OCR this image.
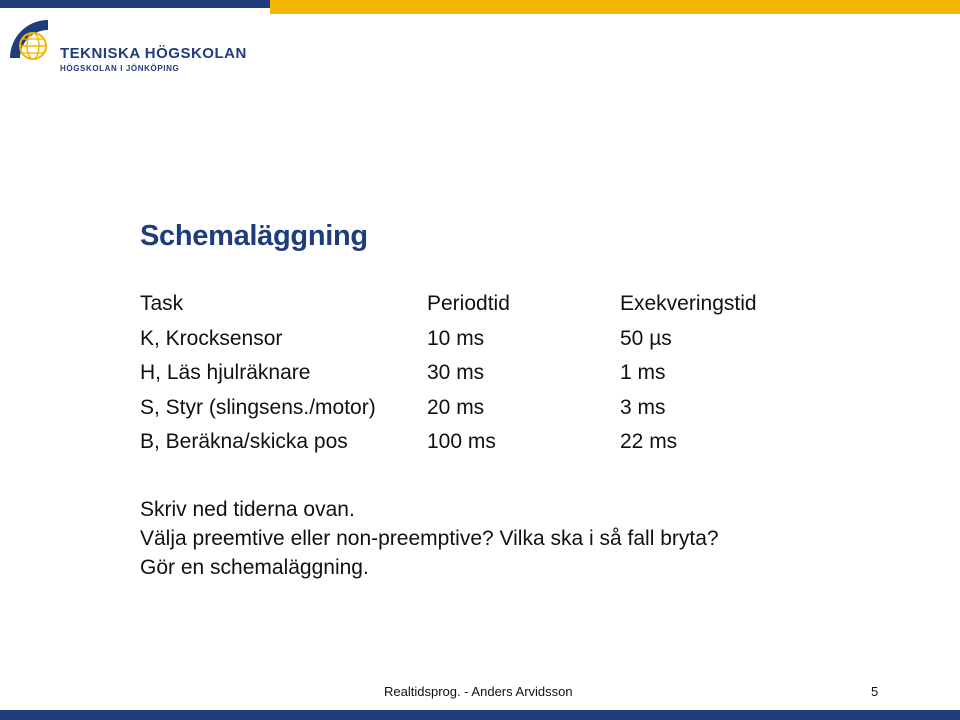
TEKNISKA HÖGSKOLAN
HÖGSKOLAN I JÖNKÖPING
Schemaläggning
Task	Periodtid	Exekveringstid
K, Krocksensor	10 ms	50 µs
H, Läs hjulräknare	30 ms	1 ms
S, Styr (slingsens./motor)	20 ms	3 ms
B, Beräkna/skicka pos	100 ms	22 ms
Skriv ned tiderna ovan.
Välja preemtive eller non-preemptive? Vilka ska i så fall bryta?
Gör en schemaläggning.
Realtidsprog. - Anders Arvidsson	5
